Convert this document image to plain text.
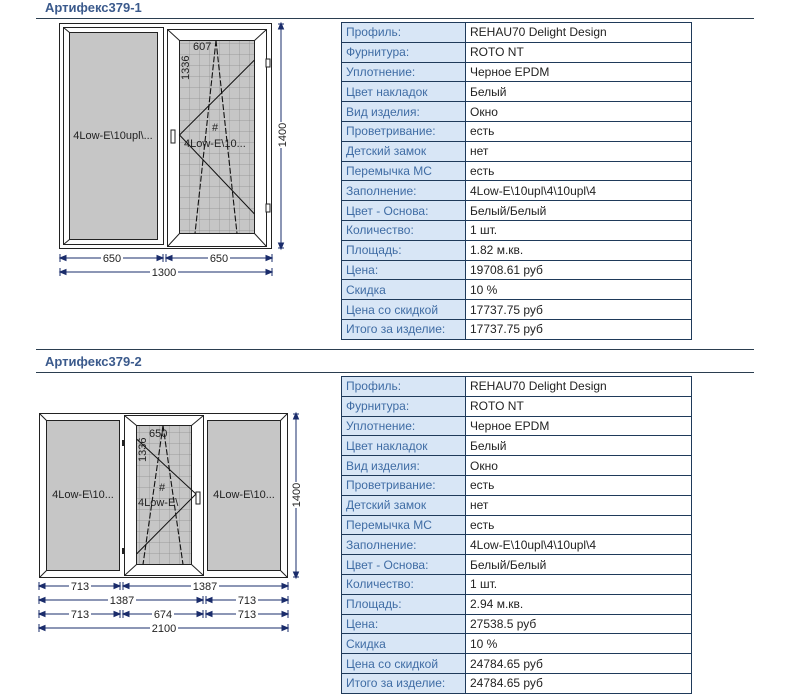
Артифекс379-1
4Low-E\10upl\...
607
1336
#
4Low-E\10...	1400
650	650
1300
Профиль:	REHAU70 Delight Design
Фурнитура:	ROTO NT
Уплотнение:	Черное EPDM
Цвет накладок	Белый
Вид изделия:	Окно
Проветривание:	есть
Детский замок	нет
Перемычка МС	есть
Заполнение:	4Low-E\10upl\4\10upl\4
Цвет - Основа:	Белый/Белый
Количество:	1 шт.
Площадь:	1.82 м.кв.
Цена:	19708.61 руб
Скидка	10 %
Цена со скидкой	17737.75 руб
Итого за изделие:	17737.75 руб
Артифекс379-2
4Low-E\10...
650
1336
#
4Low-E\
4Low-E\10... 1400
713	1387
1387	713
713	674	713
2100
Профиль:	REHAU70 Delight Design
Фурнитура:	ROTO NT
Уплотнение:	Черное EPDM
Цвет накладок	Белый
Вид изделия:	Окно
Проветривание:	есть
Детский замок	нет
Перемычка МС	есть
Заполнение:	4Low-E\10upl\4\10upl\4
Цвет - Основа:	Белый/Белый
Количество:	1 шт.
Площадь:	2.94 м.кв.
Цена:	27538.5 руб
Скидка	10 %
Цена со скидкой	24784.65 руб
Итого за изделие:	24784.65 руб
